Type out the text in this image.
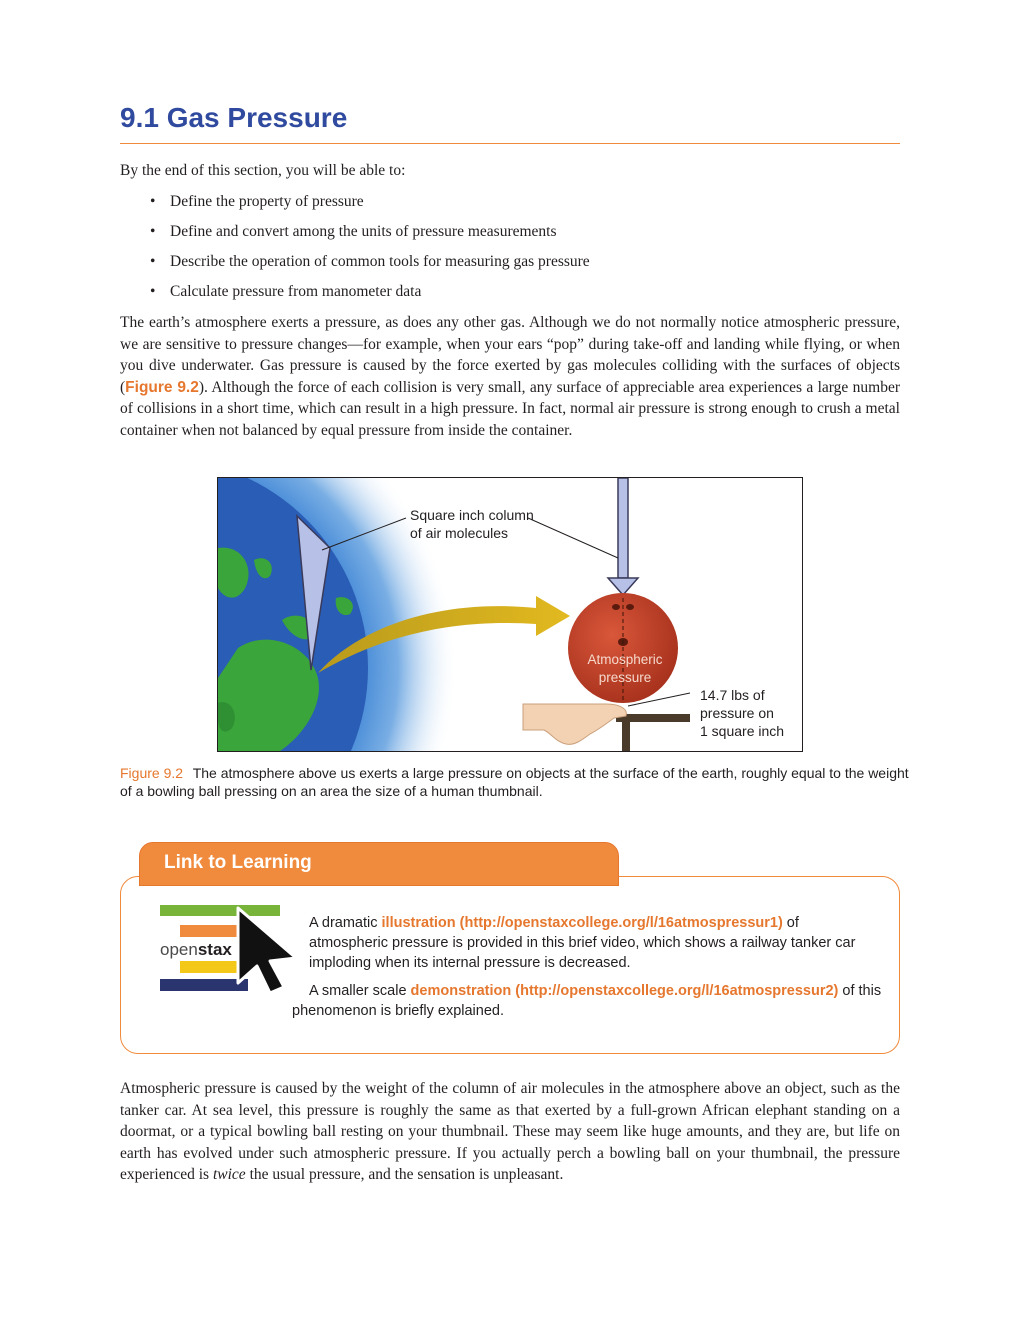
9.1 Gas Pressure

By the end of this section, you will be able to:

• Define the property of pressure
• Define and convert among the units of pressure measurements
• Describe the operation of common tools for measuring gas pressure
• Calculate pressure from manometer data

The earth’s atmosphere exerts a pressure, as does any other gas. Although we do not normally notice atmospheric pressure, we are sensitive to pressure changes—for example, when your ears “pop” during take-off and landing while flying, or when you dive underwater. Gas pressure is caused by the force exerted by gas molecules colliding with the surfaces of objects (Figure 9.2). Although the force of each collision is very small, any surface of appreciable area experiences a large number of collisions in a short time, which can result in a high pressure. In fact, normal air pressure is strong enough to crush a metal container when not balanced by equal pressure from inside the container.

Square inch column
of air molecules

Atmospheric
pressure

14.7 lbs of
pressure on
1 square inch

Figure 9.2 The atmosphere above us exerts a large pressure on objects at the surface of the earth, roughly equal to the weight of a bowling ball pressing on an area the size of a human thumbnail.

Link to Learning
openstax

A dramatic illustration (http://openstaxcollege.org/l/16atmospressur1) of atmospheric pressure is provided in this brief video, which shows a railway tanker car imploding when its internal pressure is decreased.

A smaller scale demonstration (http://openstaxcollege.org/l/16atmospressur2) of this phenomenon is briefly explained.

Atmospheric pressure is caused by the weight of the column of air molecules in the atmosphere above an object, such as the tanker car. At sea level, this pressure is roughly the same as that exerted by a full-grown African elephant standing on a doormat, or a typical bowling ball resting on your thumbnail. These may seem like huge amounts, and they are, but life on earth has evolved under such atmospheric pressure. If you actually perch a bowling ball on your thumbnail, the pressure experienced is twice the usual pressure, and the sensation is unpleasant.
